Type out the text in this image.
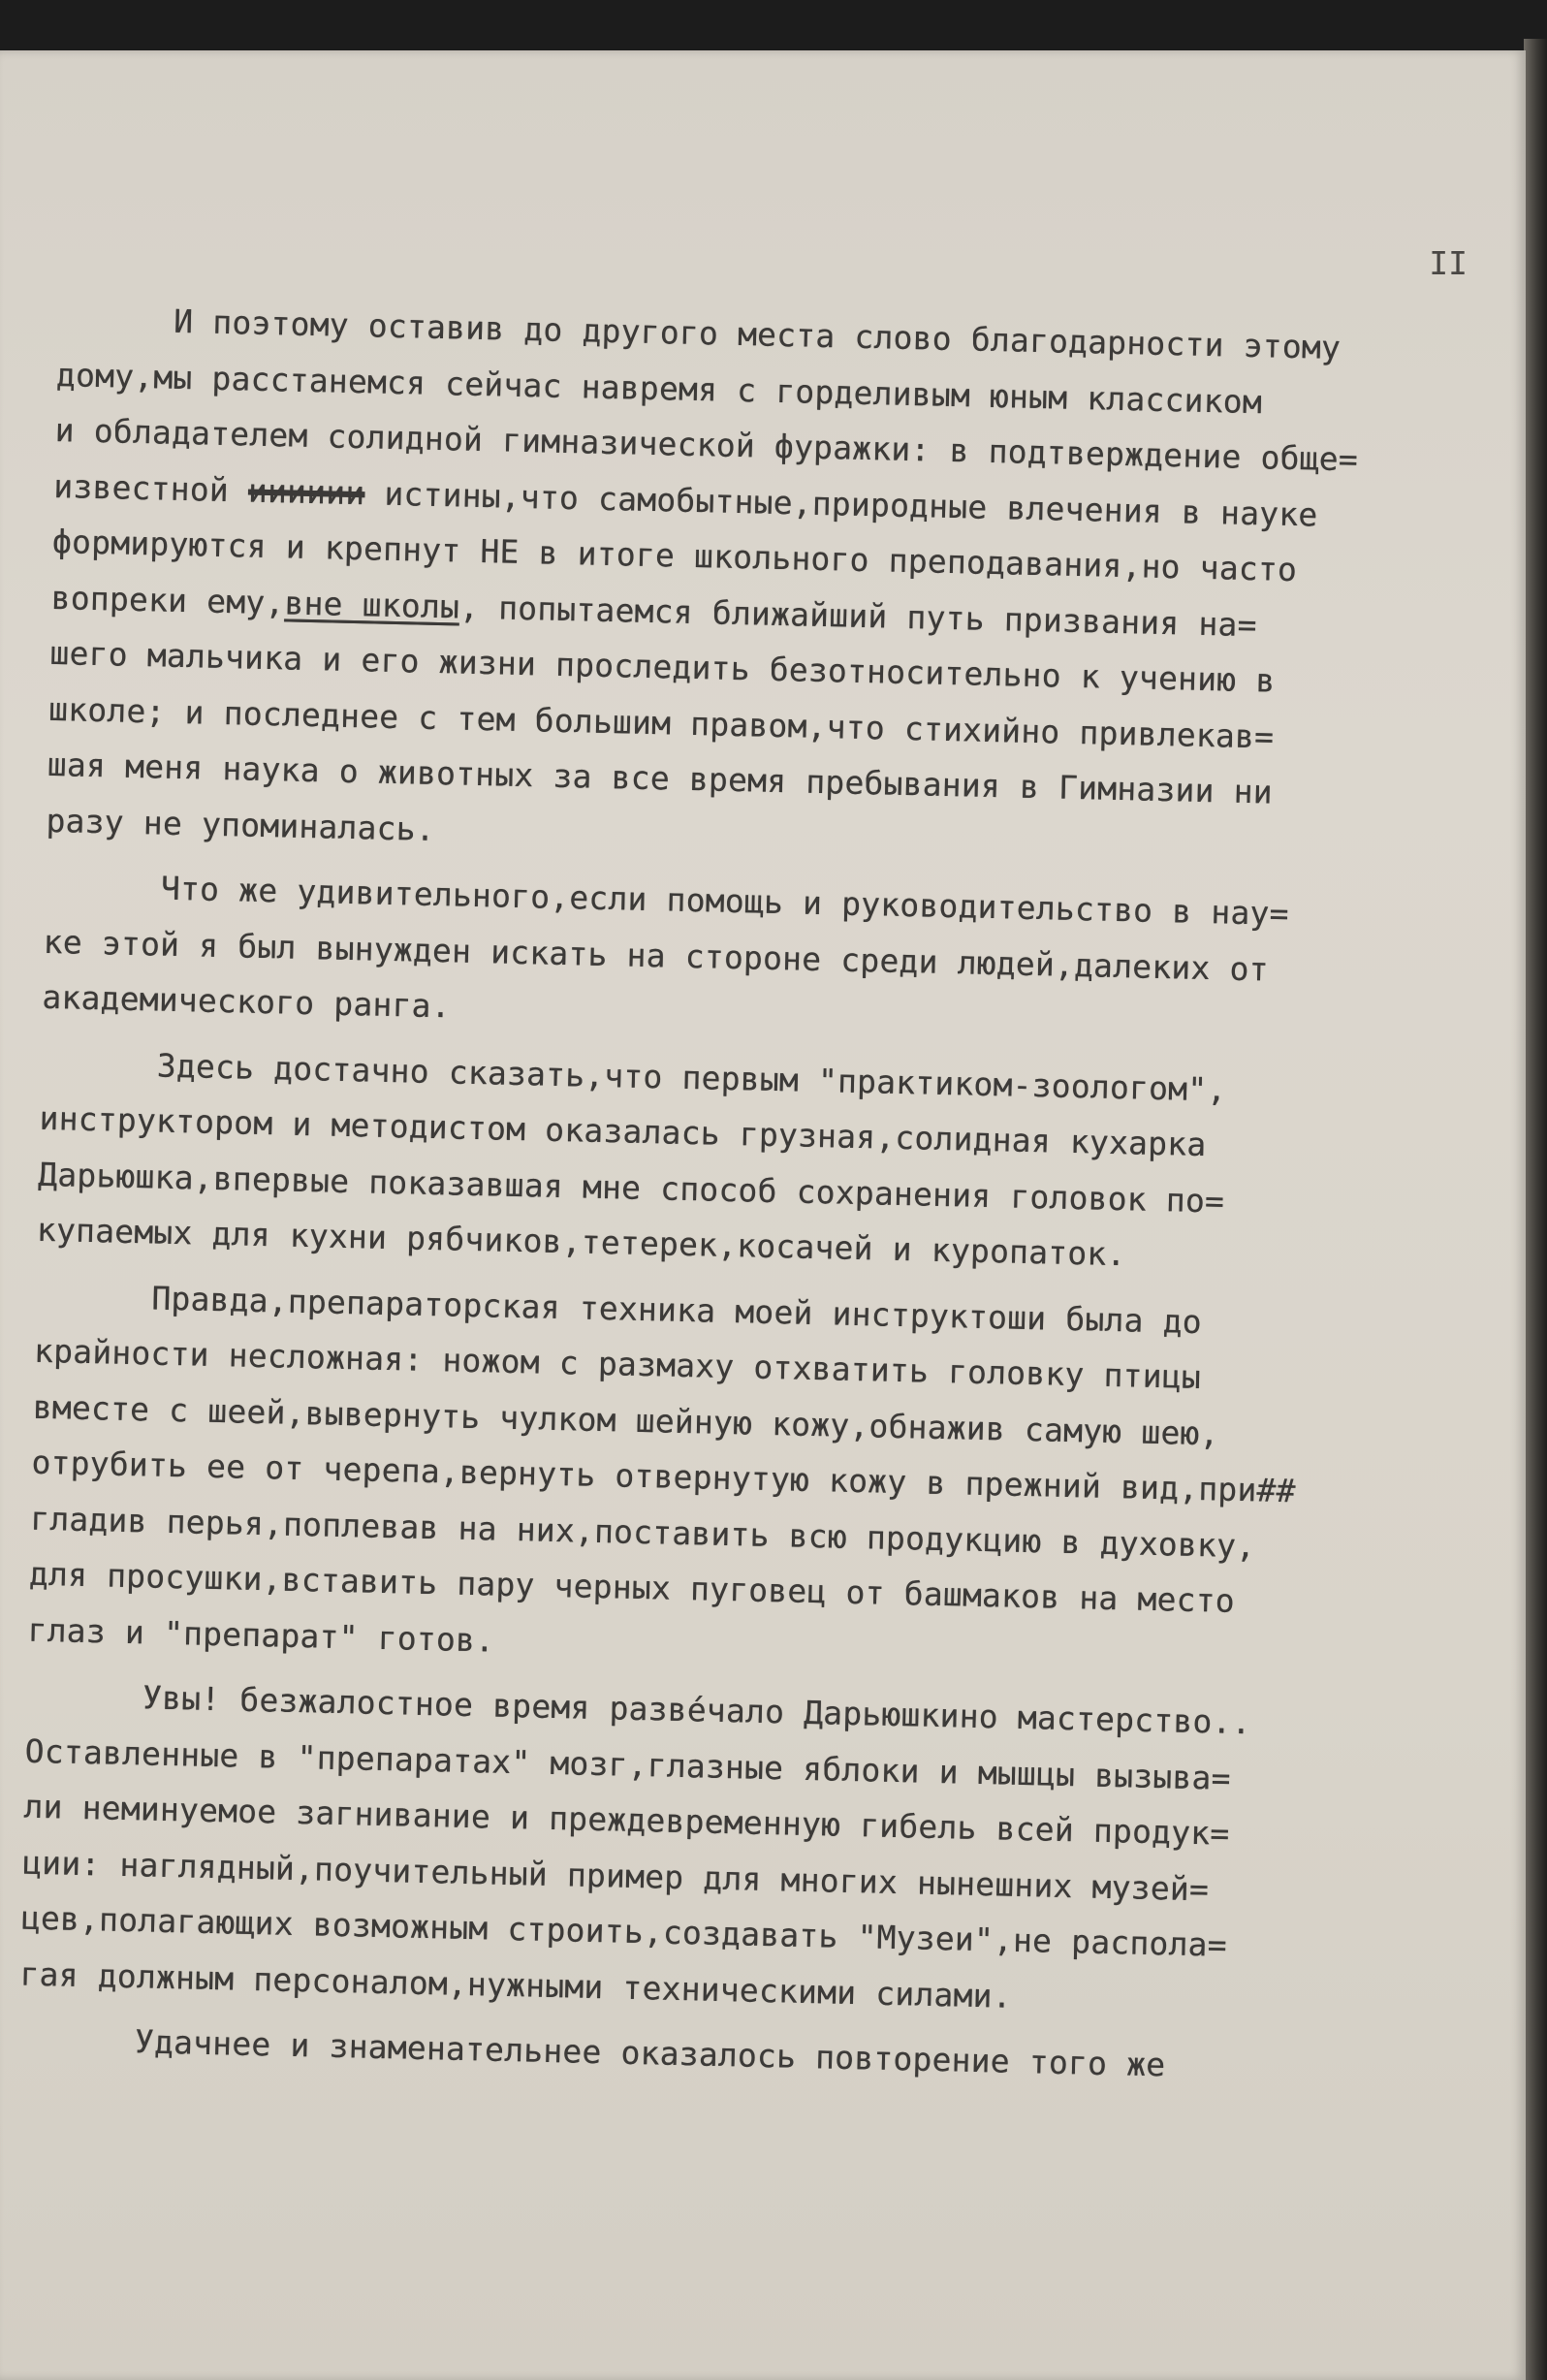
II
И поэтому оставив до другого места слово благодарности этому
дому,мы расстанемся сейчас навремя с горделивым юным классиком
и обладателем солидной гимназической фуражки: в подтверждение обще=
известной ииииии истины,что самобытные,природные влечения в науке
формируются и крепнут НЕ в итоге школьного преподавания,но часто
вопреки ему,вне школы, попытаемся ближайший путь призвания на=
шего мальчика и его жизни проследить безотносительно к учению в
школе; и последнее с тем большим правом,что стихийно привлекав=
шая меня наука о животных за все время пребывания в Гимназии ни
разу не упоминалась.
Что же удивительного,если помощь и руководительство в нау=
ке этой я был вынужден искать на стороне среди людей,далеких от
академического ранга.
Здесь достачно сказать,что первым "практиком-зоологом",
инструктором и методистом оказалась грузная,солидная кухарка
Дарьюшка,впервые показавшая мне способ сохранения головок по=
купаемых для кухни рябчиков,тетерек,косачей и куропаток.
Правда,препараторская техника моей инструктоши была до
крайности несложная: ножом с размаху отхватить головку птицы
вместе с шеей,вывернуть чулком шейную кожу,обнажив самую шею,
отрубить ее от черепа,вернуть отвернутую кожу в прежний вид,при##
гладив перья,поплевав на них,поставить всю продукцию в духовку,
для просушки,вставить пару черных пуговец от башмаков на место
глаз и "препарат" готов.
Увы! безжалостное время развéчало Дарьюшкино мастерство..
Оставленные в "препаратах" мозг,глазные яблоки и мышцы вызыва=
ли неминуемое загнивание и преждевременную гибель всей продук=
ции: наглядный,поучительный пример для многих нынешних музей=
цев,полагающих возможным строить,создавать "Музеи",не распола=
гая должным персоналом,нужными техническими силами.
Удачнее и знаменательнее оказалось повторение того же
